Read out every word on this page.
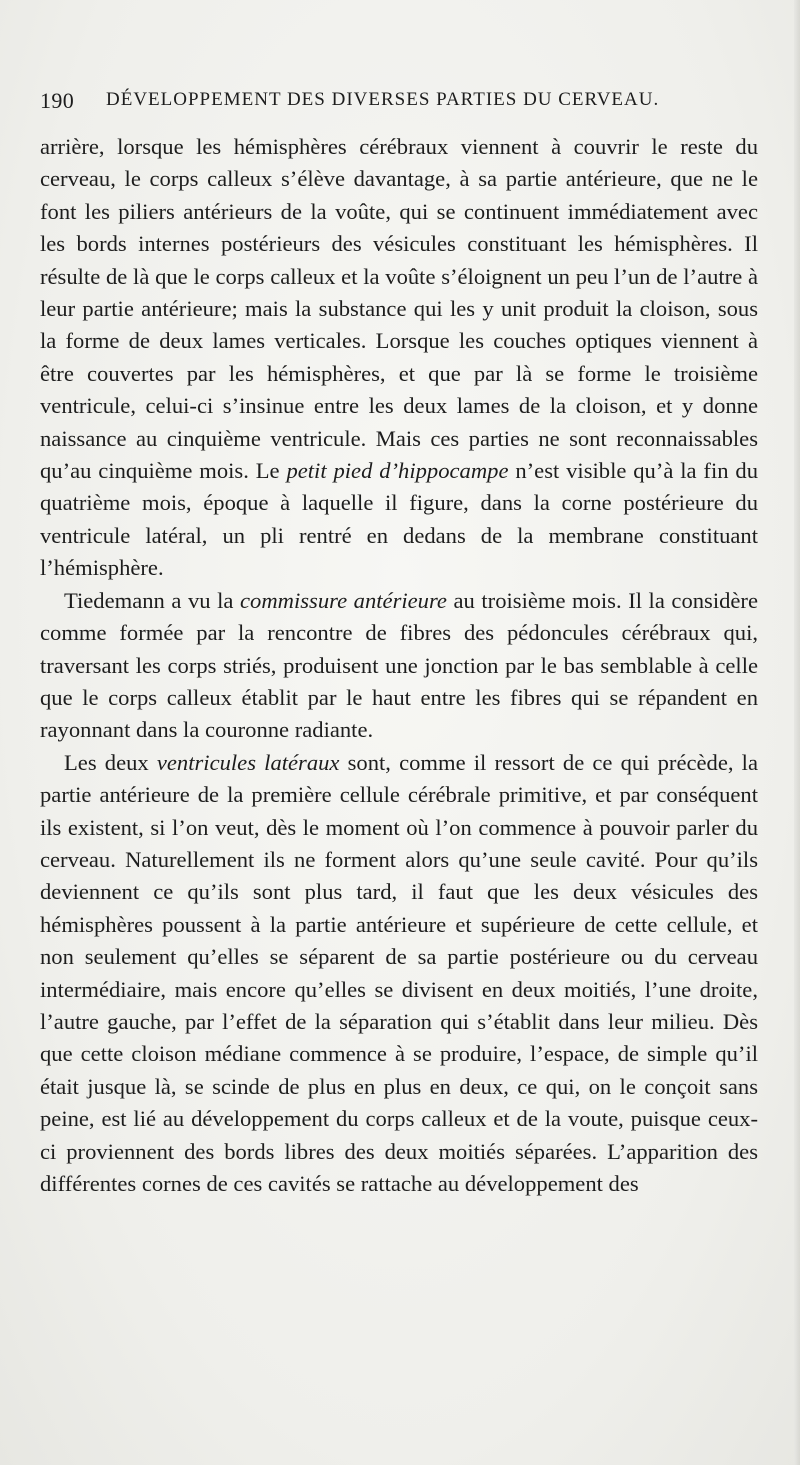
190 DÉVELOPPEMENT DES DIVERSES PARTIES DU CERVEAU.

arrière, lorsque les hémisphères cérébraux viennent à couvrir le reste du cerveau, le corps calleux s’élève davantage, à sa partie antérieure, que ne le font les piliers antérieurs de la voûte, qui se continuent immédiatement avec les bords internes postérieurs des vésicules constituant les hémisphères. Il résulte de là que le corps calleux et la voûte s’éloignent un peu l’un de l’autre à leur partie antérieure; mais la substance qui les y unit produit la cloison, sous la forme de deux lames verticales. Lorsque les couches optiques viennent à être couvertes par les hémisphères, et que par là se forme le troisième ventricule, celui-ci s’insinue entre les deux lames de la cloison, et y donne naissance au cinquième ventricule. Mais ces parties ne sont reconnaissables qu’au cinquième mois. Le petit pied d’hippocampe n’est visible qu’à la fin du quatrième mois, époque à laquelle il figure, dans la corne postérieure du ventricule latéral, un pli rentré en dedans de la membrane constituant l’hémisphère.

Tiedemann a vu la commissure antérieure au troisième mois. Il la considère comme formée par la rencontre de fibres des pédoncules cérébraux qui, traversant les corps striés, produisent une jonction par le bas semblable à celle que le corps calleux établit par le haut entre les fibres qui se répandent en rayonnant dans la couronne radiante.

Les deux ventricules latéraux sont, comme il ressort de ce qui précède, la partie antérieure de la première cellule cérébrale primitive, et par conséquent ils existent, si l’on veut, dès le moment où l’on commence à pouvoir parler du cerveau. Naturellement ils ne forment alors qu’une seule cavité. Pour qu’ils deviennent ce qu’ils sont plus tard, il faut que les deux vésicules des hémisphères poussent à la partie antérieure et supérieure de cette cellule, et non seulement qu’elles se séparent de sa partie postérieure ou du cerveau intermédiaire, mais encore qu’elles se divisent en deux moitiés, l’une droite, l’autre gauche, par l’effet de la séparation qui s’établit dans leur milieu. Dès que cette cloison médiane commence à se produire, l’espace, de simple qu’il était jusque là, se scinde de plus en plus en deux, ce qui, on le conçoit sans peine, est lié au développement du corps calleux et de la voute, puisque ceux-ci proviennent des bords libres des deux moitiés séparées. L’apparition des différentes cornes de ces cavités se rattache au développement des
